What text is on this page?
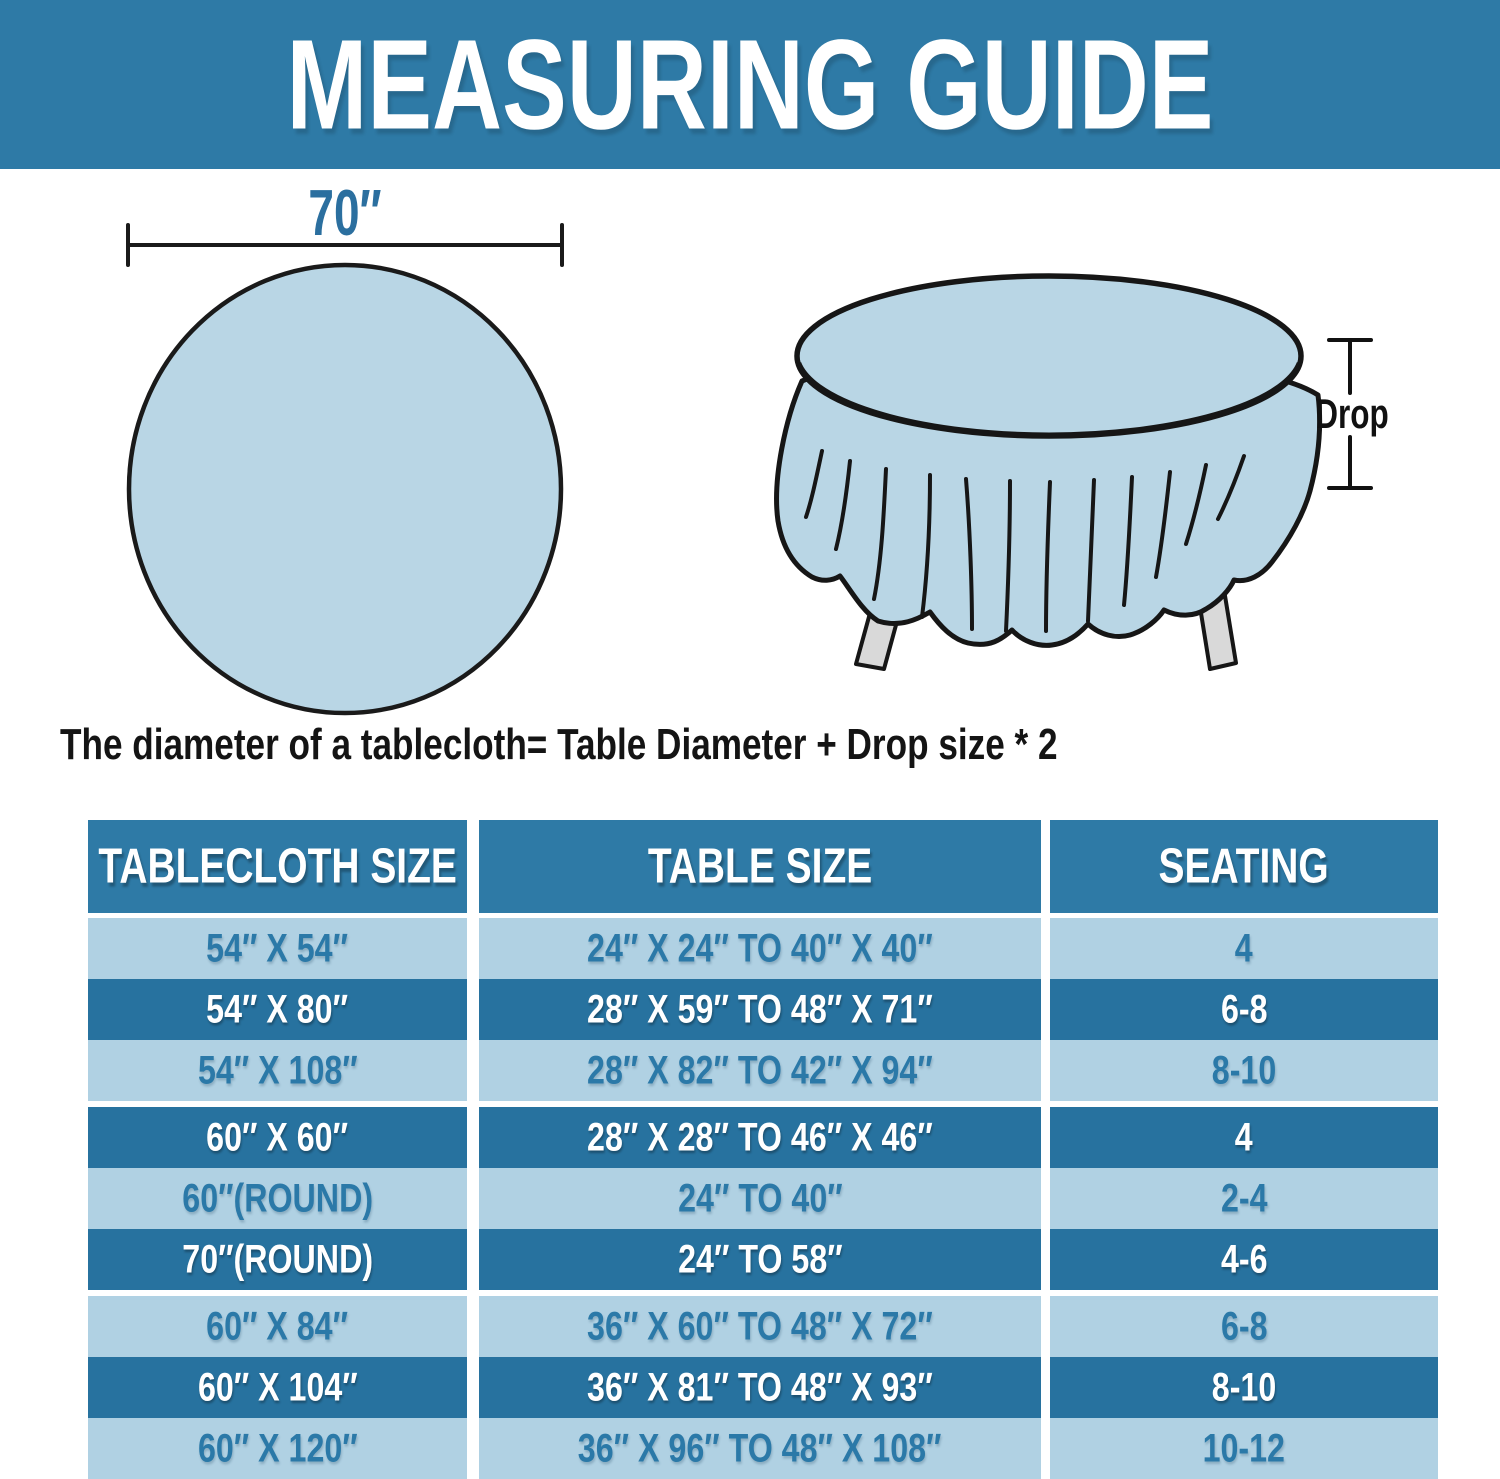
MEASURING GUIDE
70″
Drop
The diameter of a tablecloth= Table Diameter + Drop size * 2
TABLECLOTH SIZE	TABLE SIZE	SEATING
54″ X 54″	24″ X 24″ TO 40″ X 40″	4
54″ X 80″	28″ X 59″ TO 48″ X 71″	6-8
54″ X 108″	28″ X 82″ TO 42″ X 94″	8-10
60″ X 60″	28″ X 28″ TO 46″ X 46″	4
60″(ROUND)	24″ TO 40″	2-4
70″(ROUND)	24″ TO 58″	4-6
60″ X 84″	36″ X 60″ TO 48″ X 72″	6-8
60″ X 104″	36″ X 81″ TO 48″ X 93″	8-10
60″ X 120″	36″ X 96″ TO 48″ X 108″	10-12
